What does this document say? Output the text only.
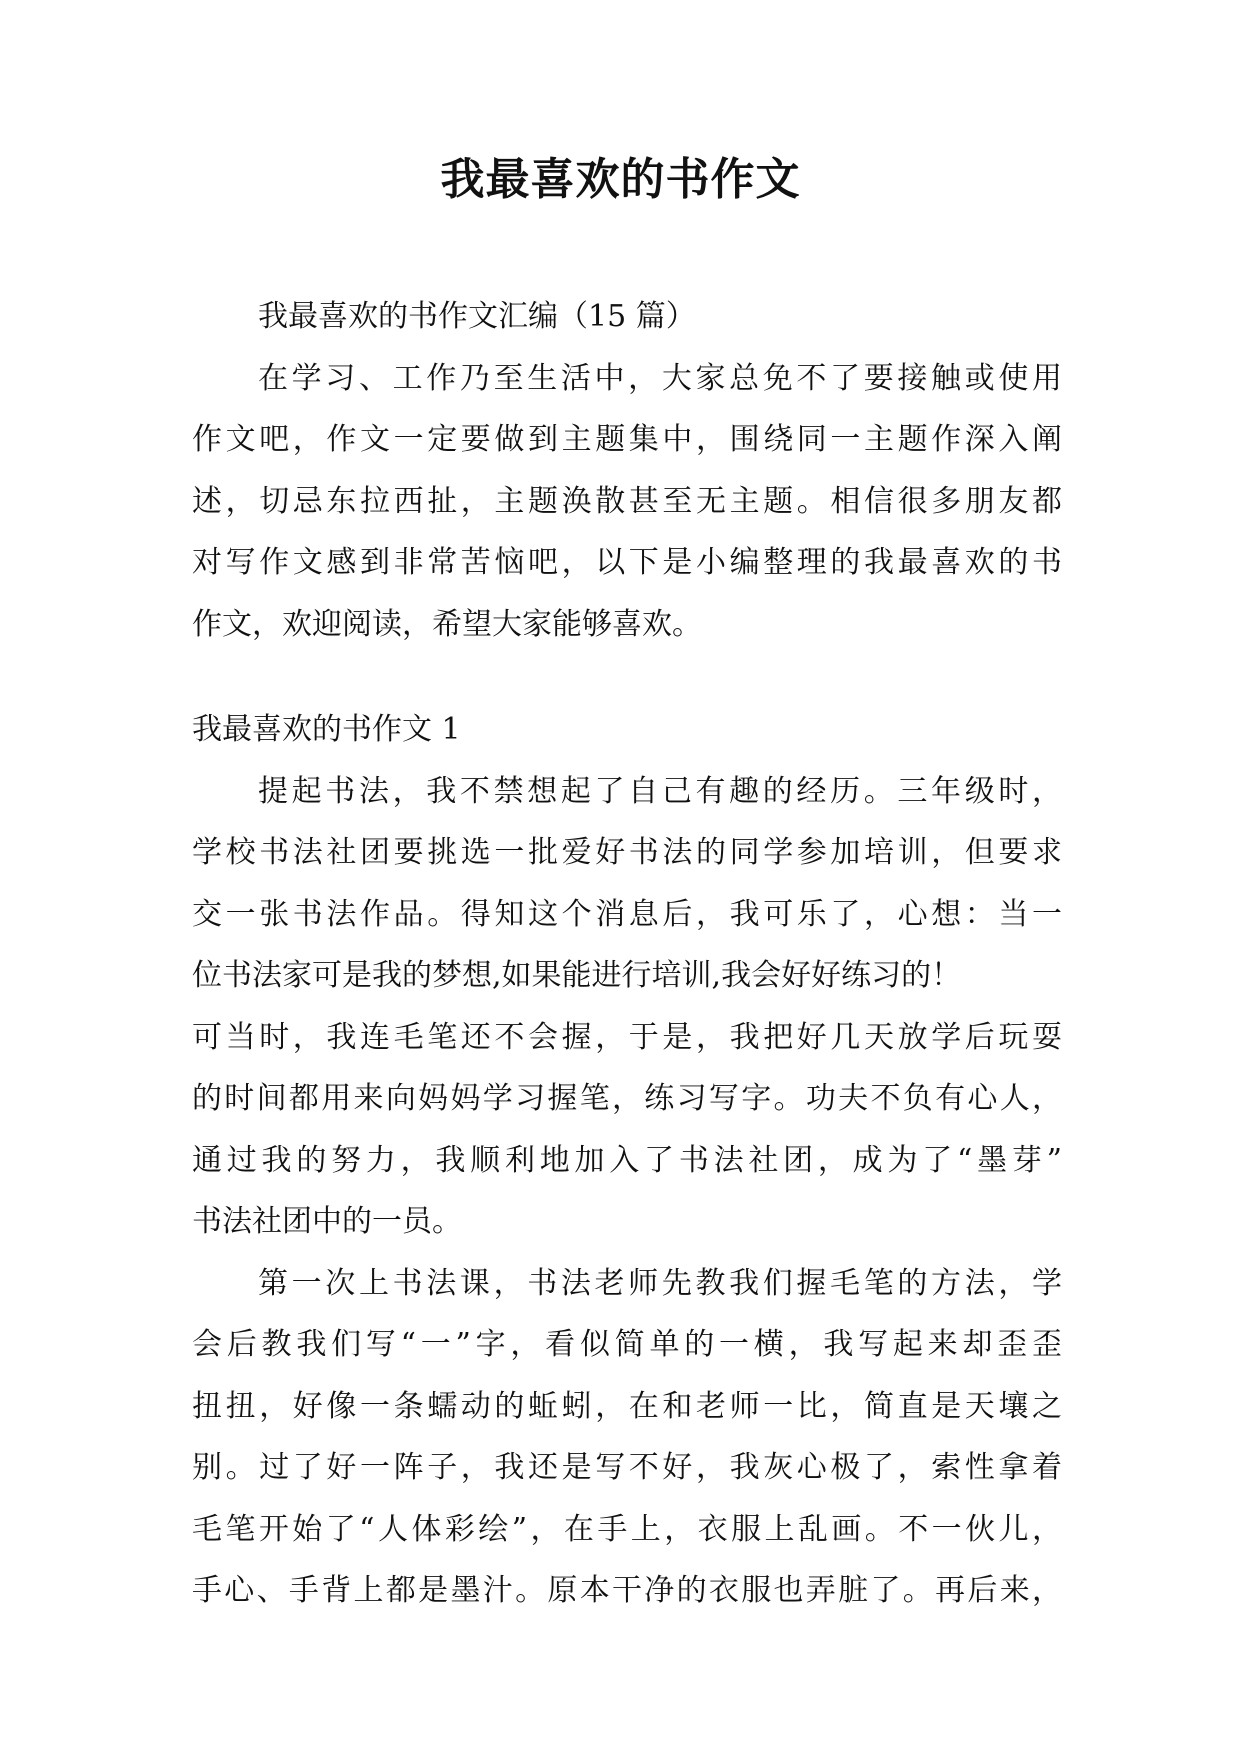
我最喜欢的书作文
我最喜欢的书作文汇编（15 篇）
在学习、工作乃至生活中，大家总免不了要接触或使用
作文吧，作文一定要做到主题集中，围绕同一主题作深入阐
述，切忌东拉西扯，主题涣散甚至无主题。相信很多朋友都
对写作文感到非常苦恼吧，以下是小编整理的我最喜欢的书
作文，欢迎阅读，希望大家能够喜欢。
我最喜欢的书作文 1
提起书法，我不禁想起了自己有趣的经历。三年级时，
学校书法社团要挑选一批爱好书法的同学参加培训，但要求
交一张书法作品。得知这个消息后，我可乐了，心想：当一
位书法家可是我的梦想,如果能进行培训,我会好好练习的！
可当时，我连毛笔还不会握，于是，我把好几天放学后玩耍
的时间都用来向妈妈学习握笔，练习写字。功夫不负有心人，
通过我的努力，我顺利地加入了书法社团，成为了“墨芽”
书法社团中的一员。
第一次上书法课，书法老师先教我们握毛笔的方法，学
会后教我们写“一”字，看似简单的一横，我写起来却歪歪
扭扭，好像一条蠕动的蚯蚓，在和老师一比，简直是天壤之
别。过了好一阵子，我还是写不好，我灰心极了，索性拿着
毛笔开始了“人体彩绘”，在手上，衣服上乱画。不一伙儿，
手心、手背上都是墨汁。原本干净的衣服也弄脏了。再后来，
